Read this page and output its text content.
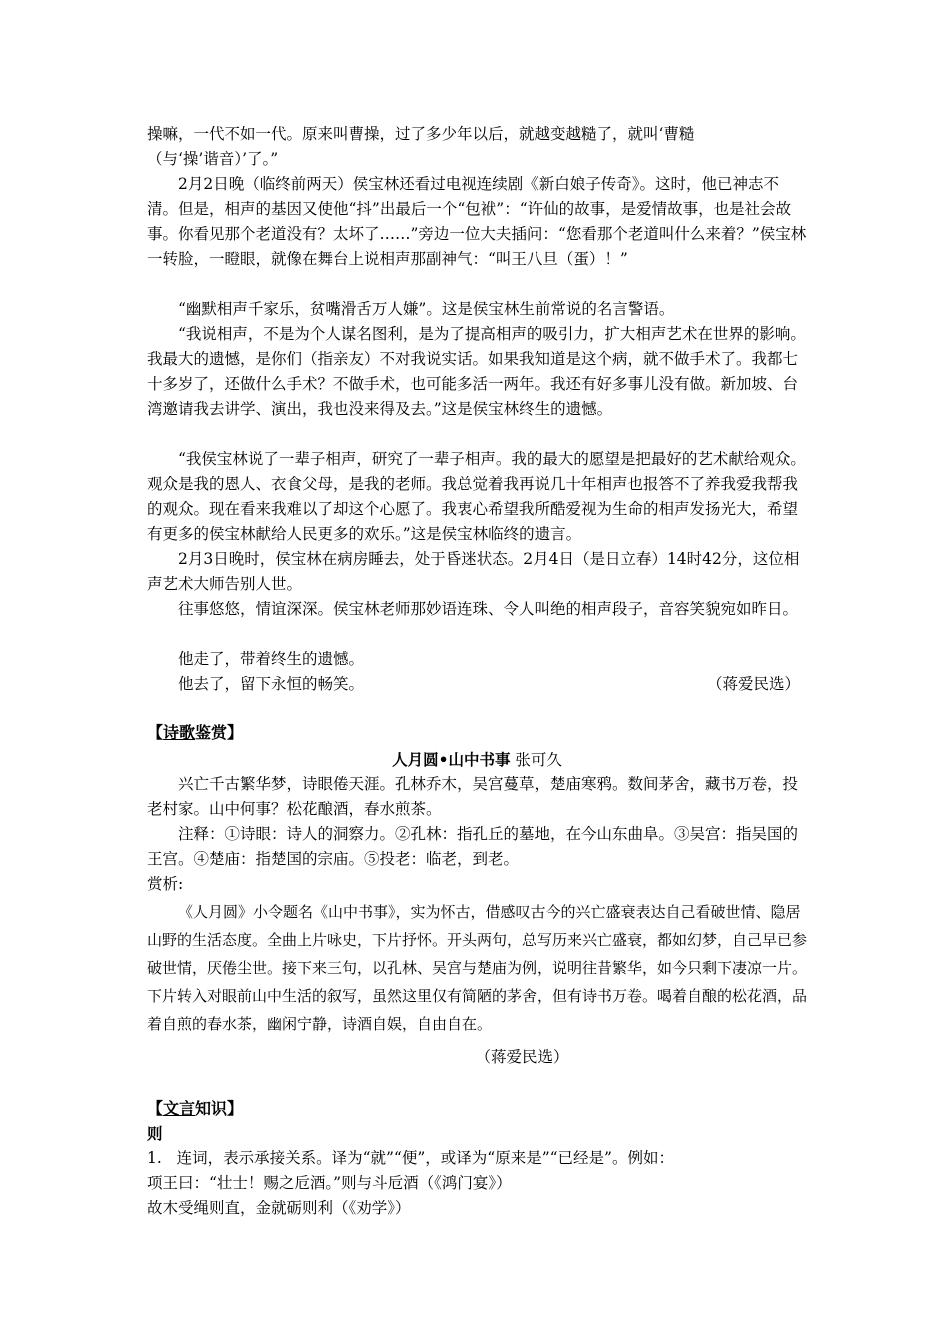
操嘛，一代不如一代。原来叫曹操，过了多少年以后，就越变越糙了，就叫‘曹糙
（与‘操’谐音）’了。”

2月2日晚（临终前两天）侯宝林还看过电视连续剧《新白娘子传奇》。这时，他已神志不清。但是，相声的基因又使他“抖”出最后一个“包袱”：“许仙的故事，是爱情故事，也是社会故事。你看见那个老道没有？太坏了……”旁边一位大夫插问：“您看那个老道叫什么来着？”侯宝林一转脸，一瞪眼，就像在舞台上说相声那副神气：“叫王八旦（蛋）！”

“幽默相声千家乐，贫嘴滑舌万人嫌”。这是侯宝林生前常说的名言警语。

“我说相声，不是为个人谋名图利，是为了提高相声的吸引力，扩大相声艺术在世界的影响。我最大的遗憾，是你们（指亲友）不对我说实话。如果我知道是这个病，就不做手术了。我都七十多岁了，还做什么手术？不做手术，也可能多活一两年。我还有好多事儿没有做。新加坡、台湾邀请我去讲学、演出，我也没来得及去。”这是侯宝林终生的遗憾。

“我侯宝林说了一辈子相声，研究了一辈子相声。我的最大的愿望是把最好的艺术献给观众。观众是我的恩人、衣食父母，是我的老师。我总觉着我再说几十年相声也报答不了养我爱我帮我的观众。现在看来我难以了却这个心愿了。我衷心希望我所酷爱视为生命的相声发扬光大，希望有更多的侯宝林献给人民更多的欢乐。”这是侯宝林临终的遗言。

2月3日晚时，侯宝林在病房睡去，处于昏迷状态。2月4日（是日立春）14时42分，这位相声艺术大师告别人世。

往事悠悠，情谊深深。侯宝林老师那妙语连珠、令人叫绝的相声段子，音容笑貌宛如昨日。

他走了，带着终生的遗憾。

他去了，留下永恒的畅笑。	（蒋爱民选）

【诗歌鉴赏】
人月圆•山中书事 张可久

兴亡千古繁华梦，诗眼倦天涯。孔林乔木，吴宫蔓草，楚庙寒鸦。数间茅舍，藏书万卷，投老村家。山中何事？松花酿酒，春水煎茶。

注释：①诗眼：诗人的洞察力。②孔林：指孔丘的墓地，在今山东曲阜。③吴宫：指吴国的王宫。④楚庙：指楚国的宗庙。⑤投老：临老，到老。

赏析:

《人月圆》小令题名《山中书事》，实为怀古，借感叹古今的兴亡盛衰表达自己看破世情、隐居山野的生活态度。全曲上片咏史，下片抒怀。开头两句，总写历来兴亡盛衰，都如幻梦，自己早已参破世情，厌倦尘世。接下来三句，以孔林、吴宫与楚庙为例，说明往昔繁华，如今只剩下凄凉一片。下片转入对眼前山中生活的叙写，虽然这里仅有简陋的茅舍，但有诗书万卷。喝着自酿的松花酒，品着自煎的春水茶，幽闲宁静，诗酒自娱，自由自在。

（蒋爱民选）
【文言知识】
则
1.   连词，表示承接关系。译为“就”“便”，或译为“原来是”“已经是”。例如：
项王曰：“壮士！赐之卮酒。”则与斗卮酒（《鸿门宴》）
故木受绳则直，金就砺则利（《劝学》）
